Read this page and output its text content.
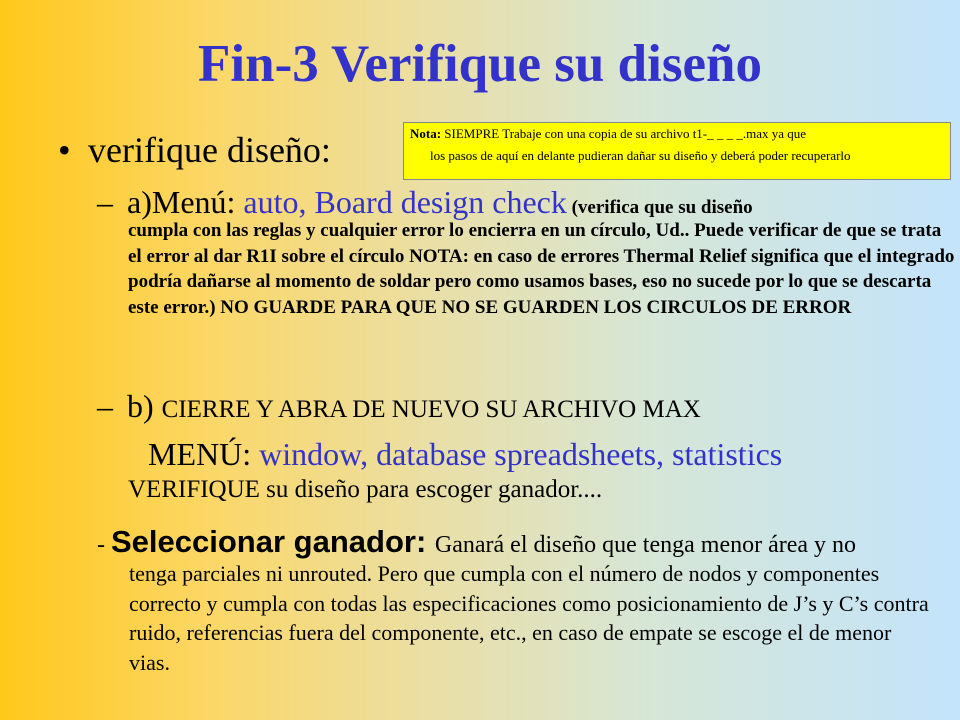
Fin-3 Verifique su diseño
Nota: SIEMPRE Trabaje con una copia de su archivo t1-_ _ _ _.max ya que
los pasos de aquí en delante pudieran dañar su diseño y deberá poder recuperarlo
• verifique diseño:
– a)Menú: auto, Board design check (verifica que su diseño
cumpla con las reglas y cualquier error lo encierra en un círculo, Ud.. Puede verificar de que se trata el error al dar R1I sobre el círculo NOTA: en caso de errores Thermal Relief significa que el integrado podría dañarse al momento de soldar pero como usamos bases, eso no sucede por lo que se descarta este error.) NO GUARDE PARA QUE NO SE GUARDEN LOS CIRCULOS DE ERROR
– b) CIERRE Y ABRA DE NUEVO SU ARCHIVO MAX
MENÚ: window, database spreadsheets, statistics
VERIFIQUE su diseño para escoger ganador....
- Seleccionar ganador: Ganará el diseño que tenga menor área y no
tenga parciales ni unrouted. Pero que cumpla con el número de nodos y componentes correcto y cumpla con todas las especificaciones como posicionamiento de J’s y C’s contra ruido, referencias fuera del componente, etc., en caso de empate se escoge el de menor vias.
